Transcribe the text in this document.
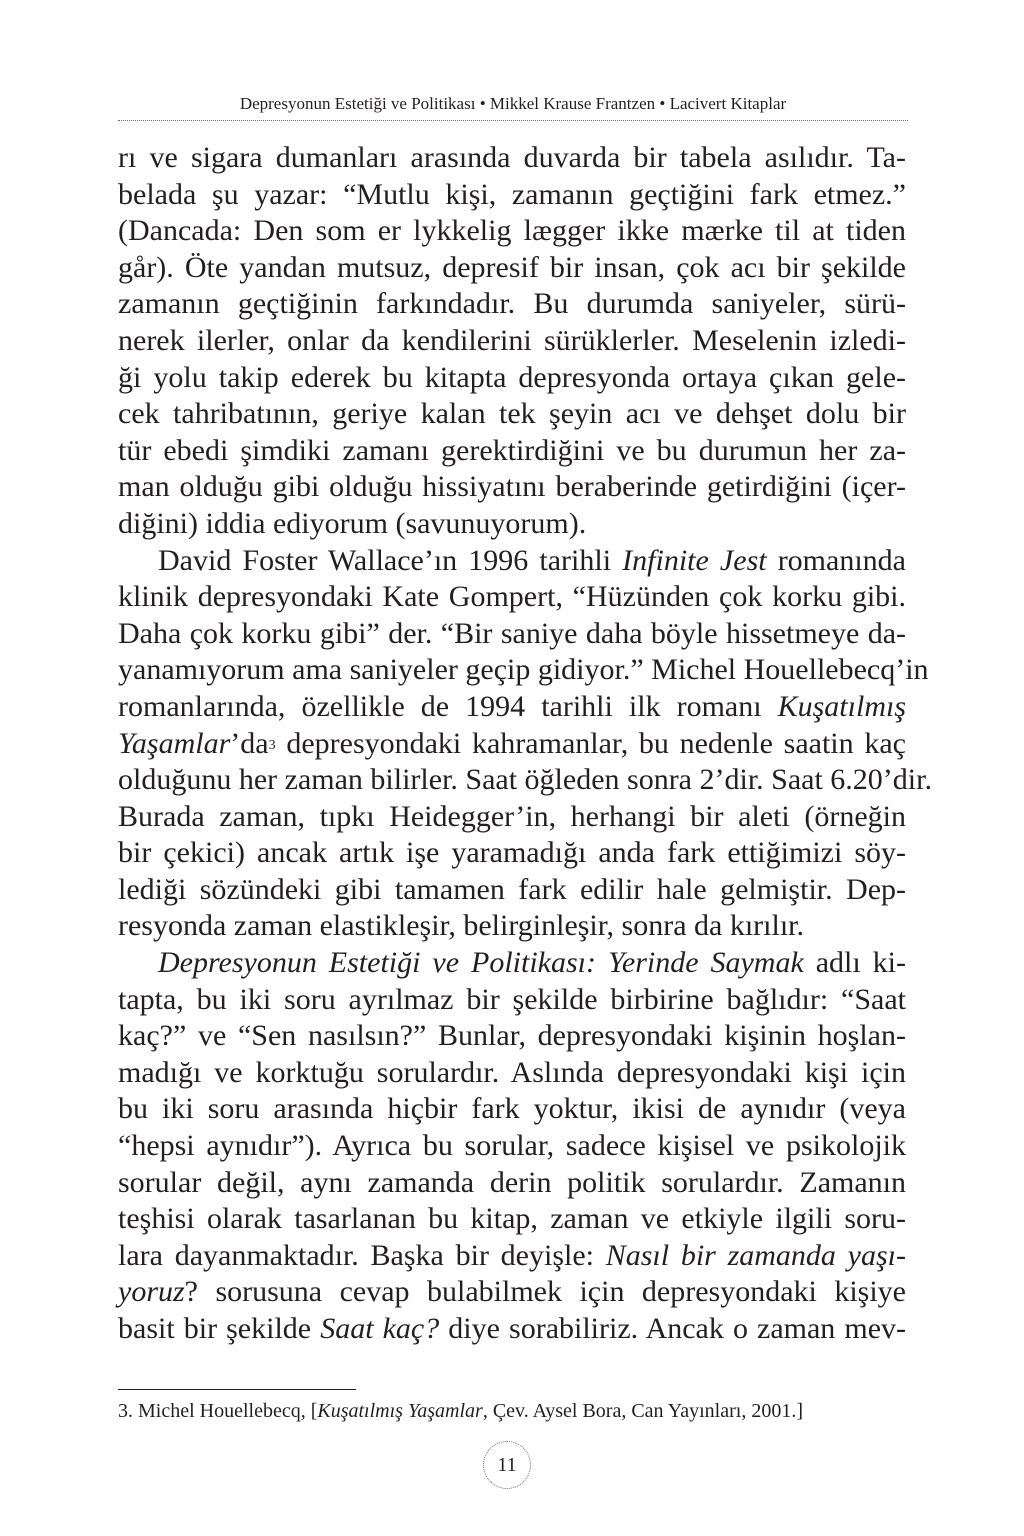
Depresyonun Estetiği ve Politikası • Mikkel Krause Frantzen • Lacivert Kitaplar
rı ve sigara dumanları arasında duvarda bir tabela asılıdır. Ta-
belada şu yazar: “Mutlu kişi, zamanın geçtiğini fark etmez.”
(Dancada: Den som er lykkelig lægger ikke mærke til at tiden
går). Öte yandan mutsuz, depresif bir insan, çok acı bir şekilde
zamanın geçtiğinin farkındadır. Bu durumda saniyeler, sürü-
nerek ilerler, onlar da kendilerini sürüklerler. Meselenin izledi-
ği yolu takip ederek bu kitapta depresyonda ortaya çıkan gele-
cek tahribatının, geriye kalan tek şeyin acı ve dehşet dolu bir
tür ebedi şimdiki zamanı gerektirdiğini ve bu durumun her za-
man olduğu gibi olduğu hissiyatını beraberinde getirdiğini (içer-
diğini) iddia ediyorum (savunuyorum).
David Foster Wallace’ın 1996 tarihli Infinite Jest romanında
klinik depresyondaki Kate Gompert, “Hüzünden çok korku gibi.
Daha çok korku gibi” der. “Bir saniye daha böyle hissetmeye da-
yanamıyorum ama saniyeler geçip gidiyor.” Michel Houellebecq’in
romanlarında, özellikle de 1994 tarihli ilk romanı Kuşatılmış
$Yaşamlar’da^3$ depresyondaki kahramanlar, bu nedenle saatin kaç
olduğunu her zaman bilirler. Saat öğleden sonra 2’dir. Saat 6.20’dir.
Burada zaman, tıpkı Heidegger’in, herhangi bir aleti (örneğin
bir çekici) ancak artık işe yaramadığı anda fark ettiğimizi söy-
lediği sözündeki gibi tamamen fark edilir hale gelmiştir. Dep-
resyonda zaman elastikleşir, belirginleşir, sonra da kırılır.
Depresyonun Estetiği ve Politikası: Yerinde Saymak adlı ki-
tapta, bu iki soru ayrılmaz bir şekilde birbirine bağlıdır: “Saat
kaç?” ve “Sen nasılsın?” Bunlar, depresyondaki kişinin hoşlan-
madığı ve korktuğu sorulardır. Aslında depresyondaki kişi için
bu iki soru arasında hiçbir fark yoktur, ikisi de aynıdır (veya
“hepsi aynıdır”). Ayrıca bu sorular, sadece kişisel ve psikolojik
sorular değil, aynı zamanda derin politik sorulardır. Zamanın
teşhisi olarak tasarlanan bu kitap, zaman ve etkiyle ilgili soru-
lara dayanmaktadır. Başka bir deyişle: Nasıl bir zamanda yaşı-
yoruz? sorusuna cevap bulabilmek için depresyondaki kişiye
basit bir şekilde Saat kaç? diye sorabiliriz. Ancak o zaman mev-
3. Michel Houellebecq, [Kuşatılmış Yaşamlar, Çev. Aysel Bora, Can Yayınları, 2001.]
11
